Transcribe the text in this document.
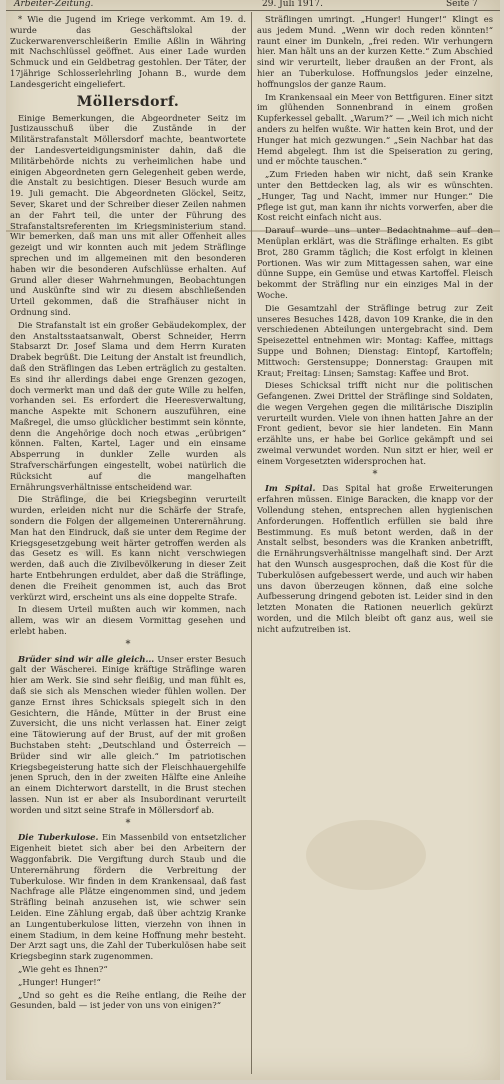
Arbeiter-Zeitung.	29. Juli 1917.	Seite 7

* Wie die Jugend im Kriege verkommt. Am 19. d. wurde das Geschäftslokal der Zuckerwarenverschleißerin Emilie Aßlin in Währing mit Nachschlüssel geöffnet. Aus einer Lade wurden Schmuck und ein Geldbetrag gestohlen. Der Täter, der 17jährige Schlosserlehrling Johann B., wurde dem Landesgericht eingeliefert.

Möllersdorf.

Einige Bemerkungen, die Abgeordneter Seitz im Justizausschuß über die Zustände in der Militärstrafanstalt Möllersdorf machte, beantwortete der Landesverteidigungsminister dahin, daß die Militärbehörde nichts zu verheimlichen habe und einigen Abgeordneten gern Gelegenheit geben werde, die Anstalt zu besichtigen. Dieser Besuch wurde am 19. Juli gemacht. Die Abgeordneten Glöckel, Seitz, Sever, Skaret und der Schreiber dieser Zeilen nahmen an der Fahrt teil, die unter der Führung des Strafanstaltsreferenten im Kriegsministerium stand. Wir bemerken, daß man uns mit aller Offenheit alles gezeigt und wir konnten auch mit jedem Sträflinge sprechen und im allgemeinen mit den besonderen haben wir die besonderen Aufschlüsse erhalten. Auf Grund aller dieser Wahrnehmungen, Beobachtungen und Auskünfte sind wir zu diesem abschließenden Urteil gekommen, daß die Strafhäuser nicht in Ordnung sind.

Die Strafanstalt ist ein großer Gebäudekomplex, der den Anstaltsstaatsanwalt, Oberst Schneider, Herrn Stabsarzt Dr. Josef Slama und dem Herrn Kuraten Drabek begrüßt. Die Leitung der Anstalt ist freundlich, daß den Sträflingen das Leben erträglich zu gestalten. Es sind ihr allerdings dabei enge Grenzen gezogen, doch vermerkt man und daß der gute Wille zu helfen, vorhanden sei. Es erfordert die Heeresverwaltung, manche Aspekte mit Schonern auszuführen, eine Maßregel, die umso glücklicher bestimmt sein könnte, denn die Angehörige doch noch etwas „erübrigen“ können. Falten, Kartel, Lager und ein einsame Absperrung in dunkler Zelle wurden als Strafverschärfungen eingestellt, wobei natürlich die Rücksicht auf die mangelhaften Ernährungsverhältnisse entscheidend war.

Die Sträflinge, die bei Kriegsbeginn verurteilt wurden, erleiden nicht nur die Schärfe der Strafe, sondern die Folgen der allgemeinen Unterernährung. Man hat den Eindruck, daß sie unter dem Regime der Kriegsgesetzgebung weit härter getroffen werden als das Gesetz es will. Es kann nicht verschwiegen werden, daß auch die Zivilbevölkerung in dieser Zeit harte Entbehrungen erduldet, aber daß die Sträflinge, denen die Freiheit genommen ist, auch das Brot verkürzt wird, erscheint uns als eine doppelte Strafe.

In diesem Urteil mußten auch wir kommen, nach allem, was wir an diesem Vormittag gesehen und erlebt haben.

*

Brüder sind wir alle gleich... Unser erster Besuch galt der Wäscherei. Einige kräftige Sträflinge waren hier am Werk. Sie sind sehr fleißig, und man fühlt es, daß sie sich als Menschen wieder fühlen wollen. Der ganze Ernst ihres Schicksals spiegelt sich in den Gesichtern, die Hände, Mütter in der Brust eine Zuversicht, die uns nicht verlassen hat. Einer zeigt eine Tätowierung auf der Brust, auf der mit großen Buchstaben steht: „Deutschland und Österreich — Brüder sind wir alle gleich.“ Im patriotischen Kriegsbegeisterung hatte sich der Fleischhauergehilfe jenen Spruch, den in der zweiten Hälfte eine Anleihe an einem Dichterwort darstellt, in die Brust stechen lassen. Nun ist er aber als Insubordinant verurteilt worden und sitzt seine Strafe in Möllersdorf ab.

*

Die Tuberkulose. Ein Massenbild von entsetzlicher Eigenheit bietet sich aber bei den Arbeitern der Waggonfabrik. Die Vergiftung durch Staub und die Unterernährung fördern die Verbreitung der Tuberkulose. Wir finden in dem Krankensaal, daß fast Nachfrage alle Plätze eingenommen sind, und jedem Sträfling beinah anzusehen ist, wie schwer sein Leiden. Eine Zählung ergab, daß über achtzig Kranke an Lungentuberkulose litten, vierzehn von ihnen in einem Stadium, in dem keine Hoffnung mehr besteht. Der Arzt sagt uns, die Zahl der Tuberkulösen habe seit Kriegsbeginn stark zugenommen.

„Wie geht es Ihnen?“

„Hunger! Hunger!“

„Und so geht es die Reihe entlang, die Reihe der Gesunden, bald — ist jeder von uns von einigen?“

Sträflingen umringt. „Hunger! Hunger!“ Klingt es aus jedem Mund. „Wenn wir doch reden könnten!“ raunt einer im Dunkeln, „frei reden. Wir verhungern hier. Man hält uns an der kurzen Kette.“ Zum Abschied sind wir verurteilt, lieber draußen an der Front, als hier an Tuberkulose. Hoffnungslos jeder einzelne, hoffnungslos der ganze Raum.

Im Krankensaal ein Meer von Bettfiguren. Einer sitzt im glühenden Sonnenbrand in einem großen Kupferkessel geballt. „Warum?“ — „Weil ich mich nicht anders zu helfen wußte. Wir hatten kein Brot, und der Hunger hat mich gezwungen.“ „Sein Nachbar hat das Hemd abgelegt. Ihm ist die Speiseration zu gering, und er möchte tauschen.“

„Zum Frieden haben wir nicht, daß sein Kranke unter den Bettdecken lag, als wir es wünschten. „Hunger, Tag und Nacht, immer nur Hunger.“ Die Pflege ist gut, man kann ihr nichts vorwerfen, aber die Kost reicht einfach nicht aus.

Darauf wurde uns unter Bedachtnahme auf den Menüplan erklärt, was die Sträflinge erhalten. Es gibt Brot, 280 Gramm täglich; die Kost erfolgt in kleinen Portionen. Was wir zum Mittagessen sahen, war eine dünne Suppe, ein Gemüse und etwas Kartoffel. Fleisch bekommt der Sträfling nur ein einziges Mal in der Woche.

Die Gesamtzahl der Sträflinge betrug zur Zeit unseres Besuches 1428, davon 109 Kranke, die in den verschiedenen Abteilungen untergebracht sind. Dem Speisezettel entnehmen wir: Montag: Kaffee, mittags Suppe und Bohnen; Dienstag: Eintopf, Kartoffeln; Mittwoch: Gerstensuppe; Donnerstag: Graupen mit Kraut; Freitag: Linsen; Samstag: Kaffee und Brot.

Dieses Schicksal trifft nicht nur die politischen Gefangenen. Zwei Drittel der Sträflinge sind Soldaten, die wegen Vergehen gegen die militärische Disziplin verurteilt wurden. Viele von ihnen hatten Jahre an der Front gedient, bevor sie hier landeten. Ein Mann erzählte uns, er habe bei Gorlice gekämpft und sei zweimal verwundet worden. Nun sitzt er hier, weil er einem Vorgesetzten widersprochen hat.

*

Im Spital. Das Spital hat große Erweiterungen erfahren müssen. Einige Baracken, die knapp vor der Vollendung stehen, entsprechen allen hygienischen Anforderungen. Hoffentlich erfüllen sie bald ihre Bestimmung. Es muß betont werden, daß in der Anstalt selbst, besonders was die Kranken anbetrifft, die Ernährungsverhältnisse mangelhaft sind. Der Arzt hat den Wunsch ausgesprochen, daß die Kost für die Tuberkulösen aufgebessert werde, und auch wir haben uns davon überzeugen können, daß eine solche Aufbesserung dringend geboten ist. Leider sind in den letzten Monaten die Rationen neuerlich gekürzt worden, und die Milch bleibt oft ganz aus, weil sie nicht aufzutreiben ist.
